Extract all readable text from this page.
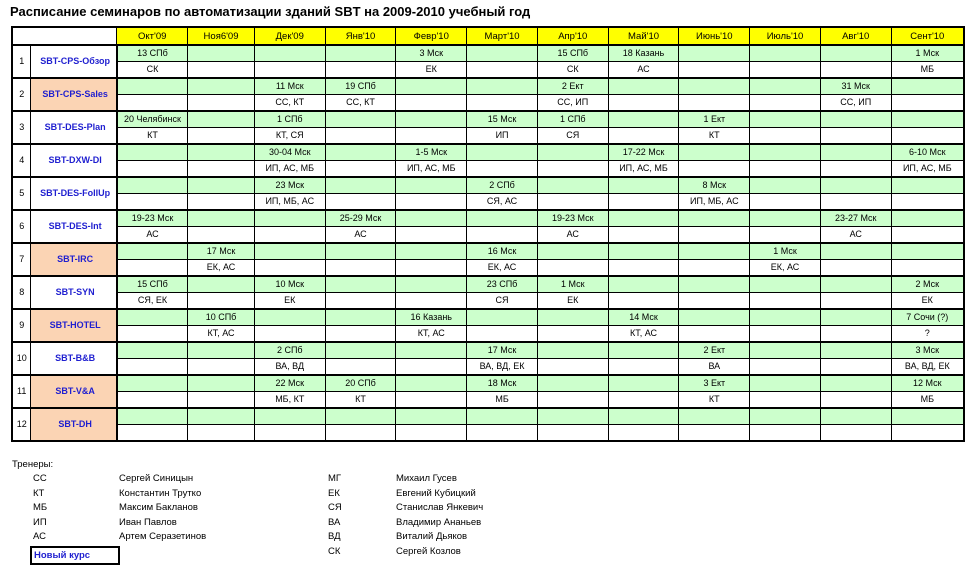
Расписание семинаров по автоматизации зданий SBT на 2009-2010 учебный год
		Окт'09	Ноя6'09	Дек'09	Янв'10	Февр'10	Март'10	Апр'10	Май'10	Июнь'10	Июль'10	Авг'10	Сент'10
1	SBT-CPS-Обзор	13 СПб				3 Мск		15 СПб	18 Казань				1 Мск
		СК				ЕК		СК	АС				МБ
2	SBT-CPS-Sales			11 Мск	19 СПб			2 Ект				31 Мск	
				СС, КТ	СС, КТ			СС, ИП				СС, ИП	
3	SBT-DES-Plan	20 Челябинск		1 СПб			15 Мск	1 СПб		1 Ект			
		КТ		КТ, СЯ			ИП	СЯ		КТ			
4	SBT-DXW-DI			30-04 Мск		1-5 Мск			17-22 Мск				6-10 Мск
				ИП, АС, МБ		ИП, АС, МБ			ИП, АС, МБ				ИП, АС, МБ
5	SBT-DES-FollUp			23 Мск			2 СПб			8 Мск			
				ИП, МБ, АС			СЯ, АС			ИП, МБ, АС			
6	SBT-DES-Int	19-23 Мск			25-29 Мск			19-23 Мск				23-27 Мск	
		АС			АС			АС				АС	
7	SBT-IRC		17 Мск				16 Мск				1 Мск		
			ЕК, АС				ЕК, АС				ЕК, АС		
8	SBT-SYN	15 СПб		10 Мск			23 СПб	1 Мск					2 Мск
		СЯ, ЕК		ЕК			СЯ	ЕК					ЕК
9	SBT-HOTEL		10 СПб			16 Казань			14 Мск				7 Сочи (?)
			КТ, АС			КТ, АС			КТ, АС				?
10	SBT-B&B			2 СПб			17 Мск			2 Ект			3 Мск
				ВА, ВД			ВА, ВД, ЕК			ВА			ВА, ВД, ЕК
11	SBT-V&A			22 Мск	20 СПб		18 Мск			3 Ект			12 Мск
				МБ, КТ	КТ		МБ			КТ			МБ
12	SBT-DH												

Тренеры:
СС	Сергей Синицын
КТ	Константин Трутко
МБ	Максим Бакланов
ИП	Иван Павлов
АС	Артем Серазетинов
МГ	Михаил Гусев
ЕК	Евгений Кубицкий
СЯ	Станислав Янкевич
ВА	Владимир Ананьев
ВД	Виталий Дьяков
СК	Сергей Козлов
Новый курс
